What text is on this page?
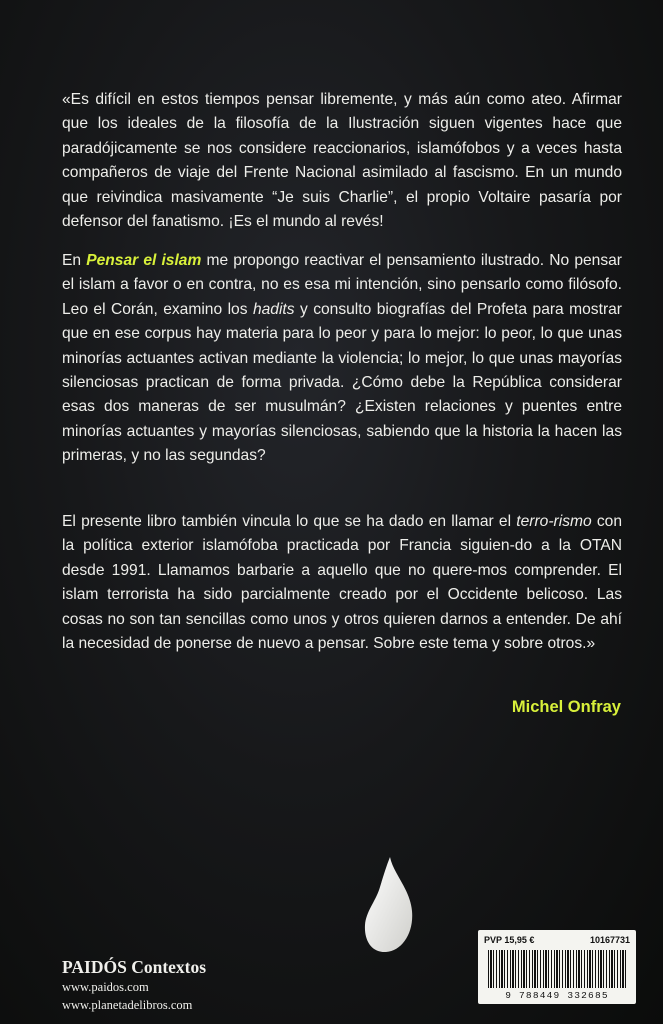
«Es difícil en estos tiempos pensar libremente, y más aún como ateo. Afirmar que los ideales de la filosofía de la Ilustración siguen vigentes hace que paradójicamente se nos considere reaccionarios, islamófobos y a veces hasta compañeros de viaje del Frente Nacional asimilado al fascismo. En un mundo que reivindica masivamente “Je suis Charlie”, el propio Voltaire pasaría por defensor del fanatismo. ¡Es el mundo al revés!

En Pensar el islam me propongo reactivar el pensamiento ilustrado. No pensar el islam a favor o en contra, no es esa mi intención, sino pensarlo como filósofo. Leo el Corán, examino los hadits y consulto biografías del Profeta para mostrar que en ese corpus hay materia para lo peor y para lo mejor: lo peor, lo que unas minorías actuantes activan mediante la violencia; lo mejor, lo que unas mayorías silenciosas practican de forma privada. ¿Cómo debe la República considerar esas dos maneras de ser musulmán? ¿Existen relaciones y puentes entre minorías actuantes y mayorías silenciosas, sabiendo que la historia la hacen las primeras, y no las segundas?

El presente libro también vincula lo que se ha dado en llamar el terro-rismo con la política exterior islamófoba practicada por Francia siguien-do a la OTAN desde 1991. Llamamos barbarie a aquello que no quere-mos comprender. El islam terrorista ha sido parcialmente creado por el Occidente belicoso. Las cosas no son tan sencillas como unos y otros quieren darnos a entender. De ahí la necesidad de ponerse de nuevo a pensar. Sobre este tema y sobre otros.»

Michel Onfray
PAIDÓS Contextos
www.paidos.com
www.planetadelibros.com
PVP 15,95 €	10167731
9 788449 332685
